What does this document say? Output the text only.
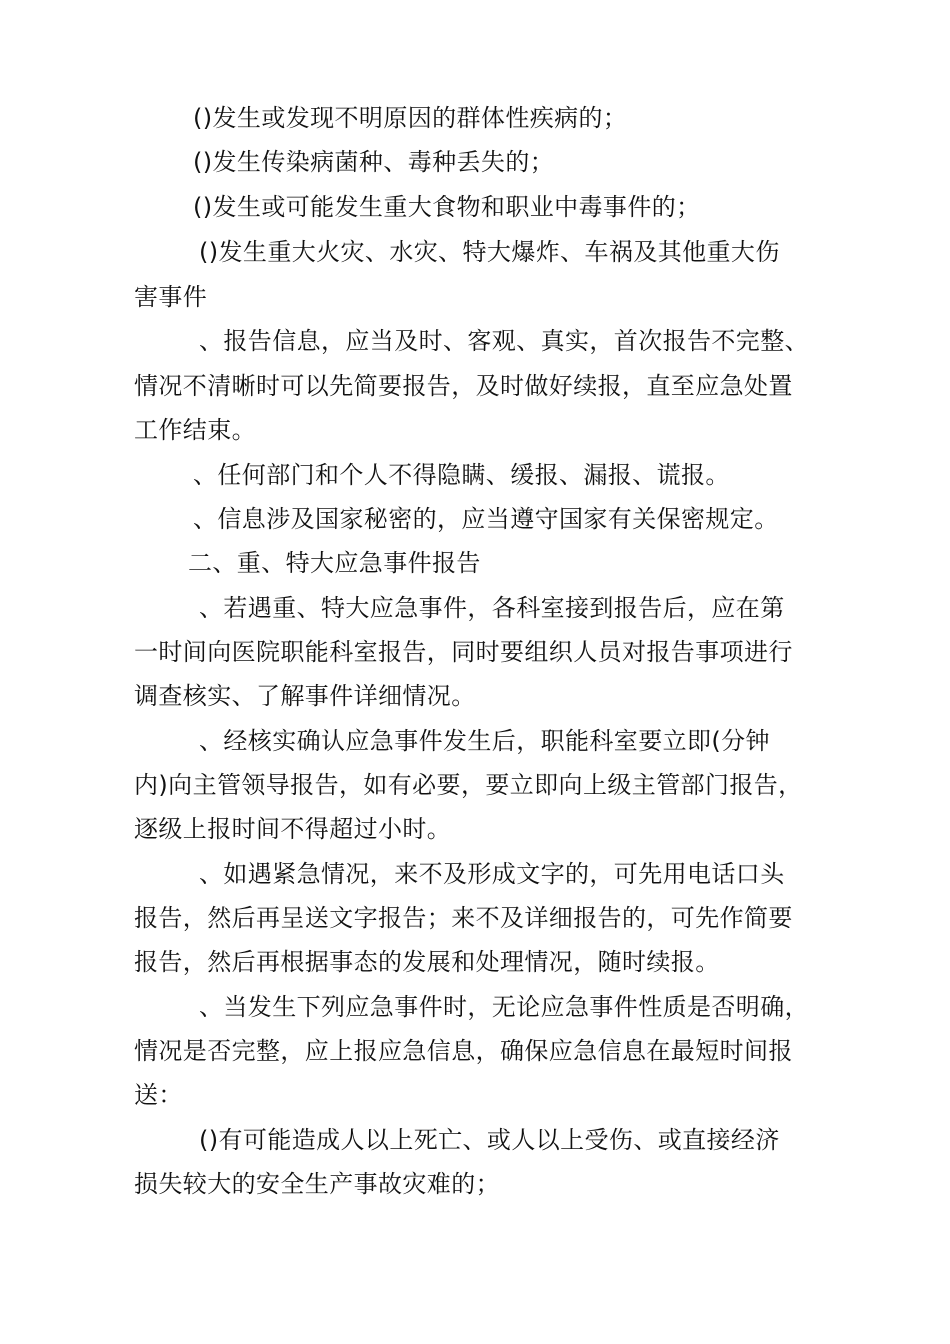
()发生或发现不明原因的群体性疾病的；
()发生传染病菌种、毒种丢失的；
()发生或可能发生重大食物和职业中毒事件的；
()发生重大火灾、水灾、特大爆炸、车祸及其他重大伤
害事件
、报告信息，应当及时、客观、真实，首次报告不完整、
情况不清晰时可以先简要报告，及时做好续报，直至应急处置
工作结束。
、任何部门和个人不得隐瞒、缓报、漏报、谎报。
、信息涉及国家秘密的，应当遵守国家有关保密规定。
二、重、特大应急事件报告
、若遇重、特大应急事件，各科室接到报告后，应在第
一时间向医院职能科室报告，同时要组织人员对报告事项进行
调查核实、了解事件详细情况。
、经核实确认应急事件发生后，职能科室要立即(分钟
内)向主管领导报告，如有必要，要立即向上级主管部门报告，
逐级上报时间不得超过小时。
、如遇紧急情况，来不及形成文字的，可先用电话口头
报告，然后再呈送文字报告；来不及详细报告的，可先作简要
报告，然后再根据事态的发展和处理情况，随时续报。
、当发生下列应急事件时，无论应急事件性质是否明确，
情况是否完整，应上报应急信息，确保应急信息在最短时间报
送：
()有可能造成人以上死亡、或人以上受伤、或直接经济
损失较大的安全生产事故灾难的；
